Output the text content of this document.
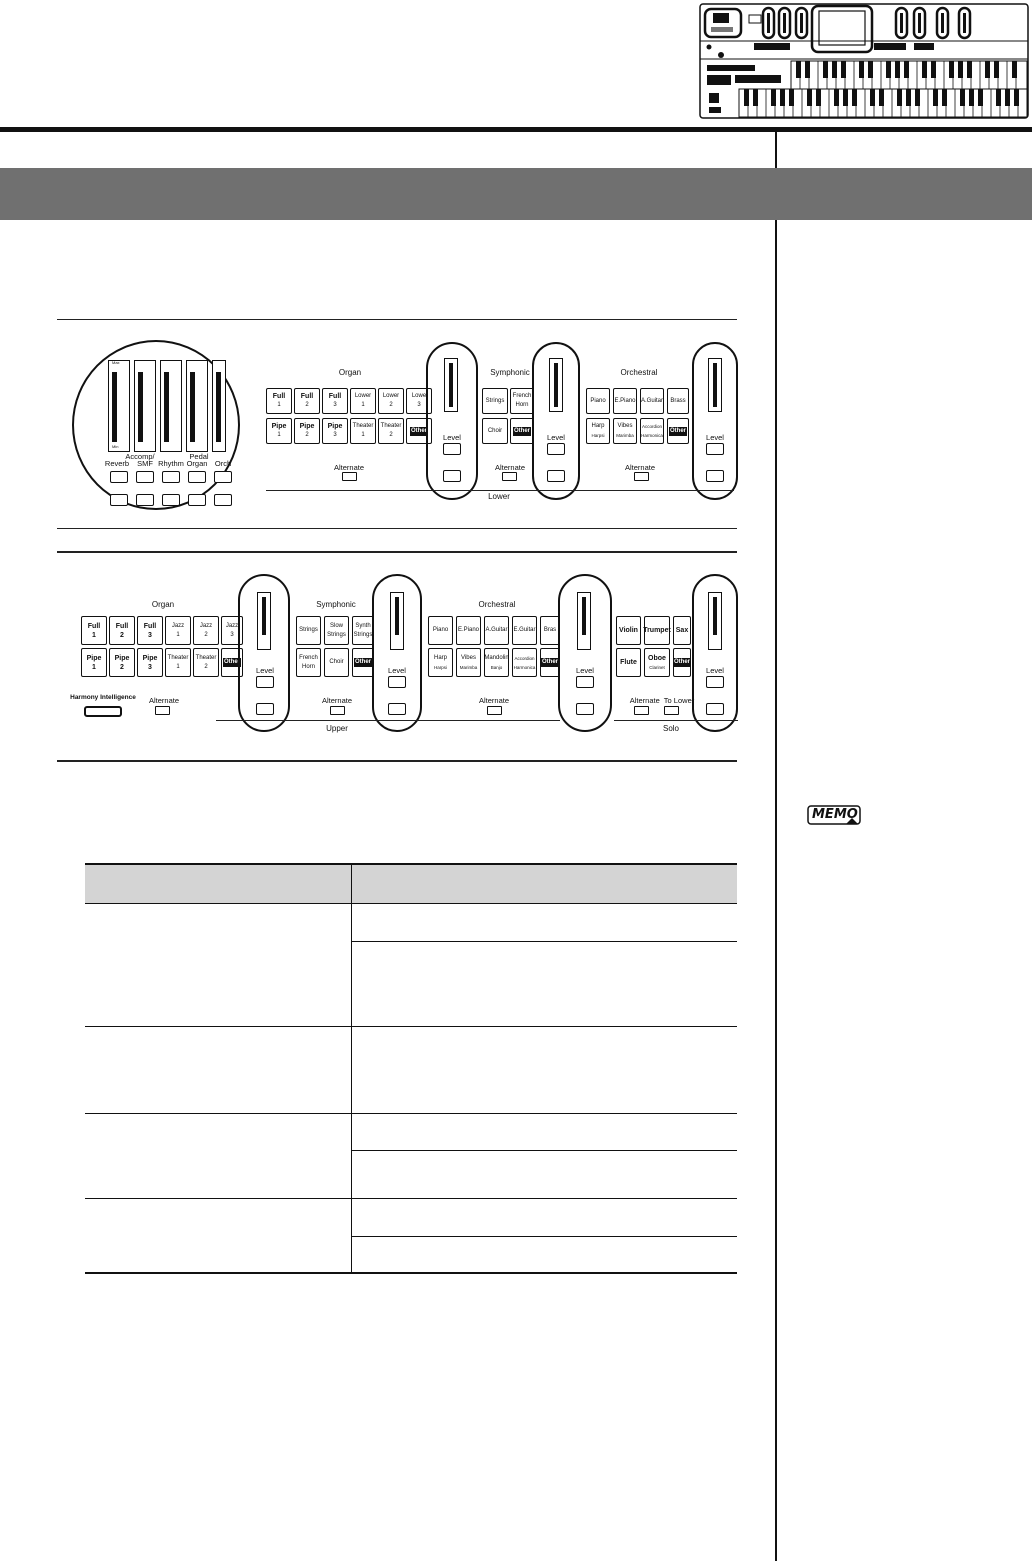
Max
Min
Accomp/	Pedal
Reverb	SMF Rhythm Organ Orch
Organ
Full
1
Full
2
Full
3
Lower
1
Lower
2
Lowe
3
Pipe
1
Pipe
2
Pipe
3
Theater
1
Theater
2
Other
Alternate
Level
Symphonic
Strings
French
Horn
Choir Other
Alternate
Level
Orchestral
Piano E.Piano A.Guitar Brass
Harp
Harpsi
Vibes
Marimba
Accordion
Harmonica
Other
Alternate
Level
Lower
Organ
Full
1
Full
2
Full
3
Jazz
1
Jazz
2
Jazz
3
Pipe
1
Pipe
2
Pipe
3
Theater
1
Theater
2
Other
Harmony Intelligence	Alternate
Level
Symphonic
Strings
Slow
Strings
Synth
Strings
French
Horn
Choir Other
Alternate
Level
Orchestral
Piano E.Piano A.Guitar E.Guitar Bras
Harp
Harpsi
Vibes
Marimba
Mandolin
Banjo
Accordion
Harmonica
Other
Alternate
Level
Violin Trumpet Sax
Flute
Oboe
Clarinet
Other
Alternate  To Lower
Level
Upper	Solo
MEMO
